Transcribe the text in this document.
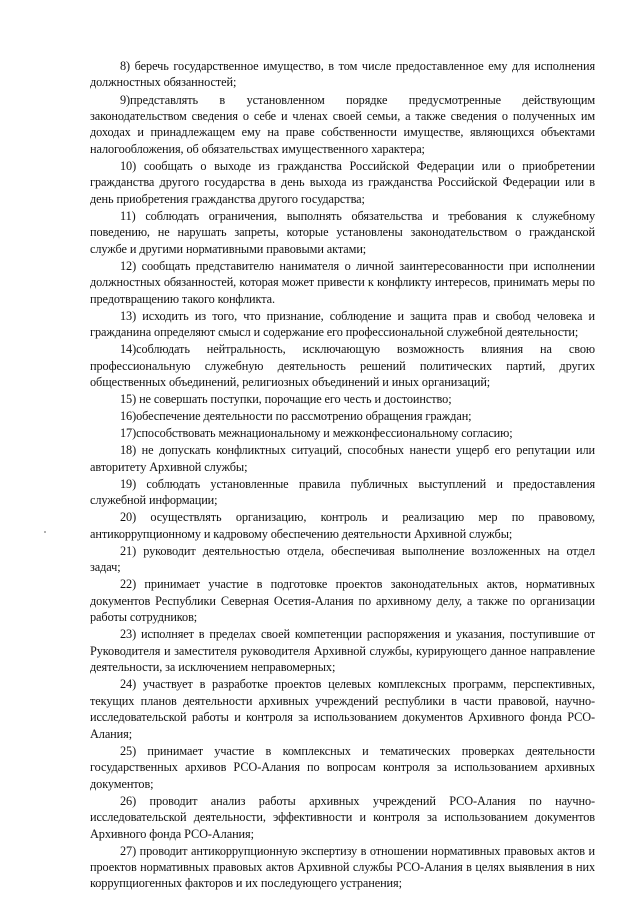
8) беречь государственное имущество, в том числе предоставленное ему для исполнения должностных обязанностей;

9)представлять в установленном порядке предусмотренные действующим законодательством сведения о себе и членах своей семьи, а также сведения о полученных им доходах и принадлежащем ему на праве собственности имуществе, являющихся объектами налогообложения, об обязательствах имущественного характера;

10) сообщать о выходе из гражданства Российской Федерации или о приобретении гражданства другого государства в день выхода из гражданства Российской Федерации или в день приобретения гражданства другого государства;

11) соблюдать ограничения, выполнять обязательства и требования к служебному поведению, не нарушать запреты, которые установлены законодательством о гражданской службе и другими нормативными правовыми актами;

12) сообщать представителю нанимателя о личной заинтересованности при исполнении должностных обязанностей, которая может привести к конфликту интересов, принимать меры по предотвращению такого конфликта.

13) исходить из того, что признание, соблюдение и защита прав и свобод человека и гражданина определяют смысл и содержание его профессиональной служебной деятельности;

14)соблюдать нейтральность, исключающую возможность влияния на свою профессиональную служебную деятельность решений политических партий, других общественных объединений, религиозных объединений и иных организаций;

15) не совершать поступки, порочащие его честь и достоинство;

16)обеспечение деятельности по рассмотренио обращения граждан;

17)способствовать межнациональному и межконфессиональному согласию;

18) не допускать конфликтных ситуаций, способных нанести ущерб его репутации или авторитету Архивной службы;

19) соблюдать установленные правила публичных выступлений и предоставления служебной информации;

20) осуществлять организацию, контроль и реализацию мер по правовому, антикоррупционному и кадровому обеспечению деятельности Архивной службы;

21) руководит деятельностью отдела, обеспечивая выполнение возложенных на отдел задач;

22) принимает участие в подготовке проектов законодательных актов, нормативных документов Республики Северная Осетия-Алания по архивному делу, а также по организации работы сотрудников;

23) исполняет в пределах своей компетенции распоряжения и указания, поступившие от Руководителя и заместителя руководителя Архивной службы, курирующего данное направление деятельности, за исключением неправомерных;

24) участвует в разработке проектов целевых комплексных программ, перспективных, текущих планов деятельности архивных учреждений республики в части правовой, научно-исследовательской работы и контроля за использованием документов Архивного фонда РСО-Алания;

25) принимает участие в комплексных и тематических проверках деятельности государственных архивов РСО-Алания по вопросам контроля за использованием архивных документов;

26) проводит анализ работы архивных учреждений РСО-Алания по научно-исследовательской деятельности, эффективности и контроля за использованием документов Архивного фонда РСО-Алания;

27) проводит антикоррупционную экспертизу в отношении нормативных правовых актов и проектов нормативных правовых актов Архивной службы РСО-Алания в целях выявления в них коррупциогенных факторов и их последующего устранения;
